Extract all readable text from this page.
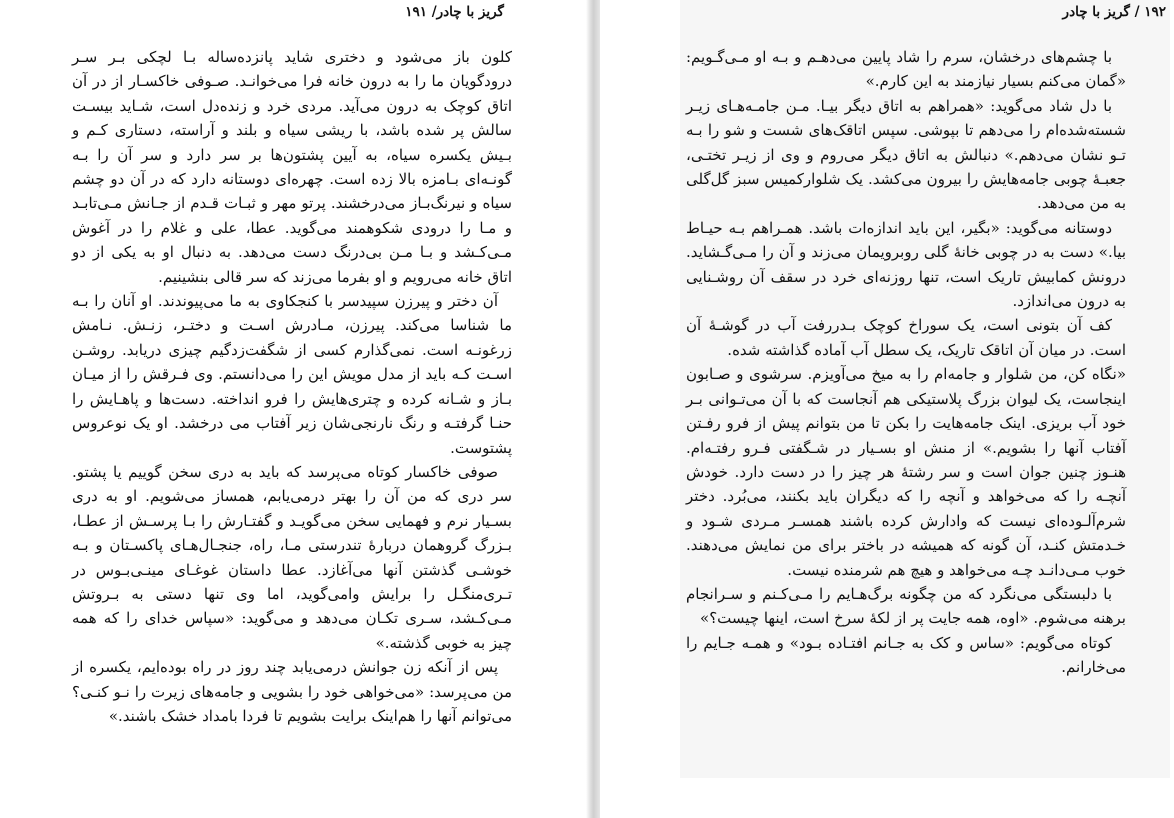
گریز با چادر/ ۱۹۱

کلون باز می‌شود و دختری شاید پانزده‌ساله بـا لچکی بـر سـر درودگویان ما را به درون خانه فرا می‌خوانـد. صـوفی خاکسـار از در آن اتاق کوچک به درون می‌آید. مردی خرد و زنده‌دل است، شـاید بیسـت سالش پر شده باشد، با ریشی سیاه و بلند و آراسته، دستاری کـم و بـیش یکسره سیاه، به آیین پشتون‌ها بر سر دارد و سر آن را بـه گونـه‌ای بـامزه بالا زده است. چهره‌ای دوستانه دارد که در آن دو چشم سیاه و نیرنگ‌بـاز می‌درخشند. پرتو مهر و ثبـات قـدم از جـانش مـی‌تابـد و مـا را درودی شکوهمند می‌گوید. عطا، علی و غلام را در آغوش مـی‌کـشد و بـا مـن بی‌درنگ دست می‌دهد. به دنبال او به یکی از دو اتاق خانه می‌رویم و او بفرما می‌زند که سر قالی بنشینیم.

آن دختر و پیرزن سپیدسر با کنجکاوی به ما می‌پیوندند. او آنان را بـه ما شناسا می‌کند. پیرزن، مـادرش اسـت و دختـر، زنـش. نـامش زرغونـه است. نمی‌گذارم کسی از شگفت‌زدگیم چیزی دریابد. روشـن اسـت کـه باید از مدل مویش این را می‌دانستم. وی فـرقش را از میـان بـاز و شـانه کرده و چتری‌هایش را فرو انداخته. دست‌ها و پاهـایش را حنـا گرفتـه و رنگ نارنجی‌شان زیر آفتاب می درخشد. او یک نوعروس پشتوست.

صوفی خاکسار کوتاه می‌پرسد که باید به دری سخن گوییم یا پشتو. سر دری که من آن را بهتر درمی‌یابم، همساز می‌شویم. او به دری بسـیار نرم و فهمایی سخن می‌گویـد و گفتـارش را بـا پرسـش از عطـا، بـزرگ گروهمان دربارهٔ تندرستی مـا، راه، جنجـال‌هـای پاکسـتان و بـه خوشـی گذشتن آنها می‌آغازد. عطا داستان غوغـای مینـی‌بـوس در تـری‌منگـل را برایش وامی‌گوید، اما وی تنها دستی به بـروتش مـی‌کـشد، سـری تکـان می‌دهد و می‌گوید: «سپاس خدای را که همه چیز به خوبی گذشته.»

پس از آنکه زن جوانش درمی‌یابد چند روز در راه بوده‌ایم، یکسره از من می‌پرسد: «می‌خواهی خود را بشویی و جامه‌های زیرت را نـو کنـی؟ می‌توانم آنها را هم‌اینک برایت بشویم تا فردا بامداد خشک باشند.»

۱۹۲ / گریز با چادر

با چشم‌های درخشان، سرم را شاد پایین می‌دهـم و بـه او مـی‌گـویم: «گمان می‌کنم بسیار نیازمند به این کارم.»

با دل شاد می‌گوید: «همراهم به اتاق دیگر بیـا. مـن جامـه‌هـای زیـر شسته‌شده‌ام را می‌دهم تا بپوشی. سپس اتاقک‌های شست و شو را بـه تـو نشان می‌دهم.» دنبالش به اتاق دیگر می‌روم و وی از زیـر تختـی، جعبـهٔ چوبی جامه‌هایش را بیرون می‌کشد. یک شلوارکمیس سبز گل‌گلی به من می‌دهد.

دوستانه می‌گوید: «بگیر، این باید اندازه‌ات باشد. همـراهم بـه حیـاط بیا.» دست به در چوبی خانهٔ گلی روبرویمان می‌زند و آن را مـی‌گـشاید. درونش کمابیش تاریک است، تنها روزنه‌ای خرد در سقف آن روشـنایی به درون می‌اندازد.

کف آن بتونی است، یک سوراخ کوچک بـدررفت آب در گوشـهٔ آن است. در میان آن اتاقک تاریک، یک سطل آب آماده گذاشته شده.

«نگاه کن، من شلوار و جامه‌ام را به میخ می‌آویزم. سرشوی و صـابون اینجاست، یک لیوان بزرگ پلاستیکی هم آنجاست که با آن می‌تـوانی بـر خود آب بریزی. اینک جامه‌هایت را بکن تا من بتوانم پیش از فرو رفـتن آفتاب آنها را بشویم.» از منش او بسـیار در شـگفتی فـرو رفتـه‌ام. هنـوز چنین جوان است و سر رشتهٔ هر چیز را در دست دارد. خودش آنچـه را که می‌خواهد و آنچه را که دیگران باید بکنند، می‌بُرد. دختر شرم‌آلـوده‌ای نیست که وادارش کرده باشند همسـر مـردی شـود و خـدمتش کنـد، آن گونه که همیشه در باختر برای من نمایش می‌دهند. خوب مـی‌دانـد چـه می‌خواهد و هیچ هم شرمنده نیست.

با دلبستگی می‌نگرد که من چگونه برگ‌هـایم را مـی‌کـنم و سـرانجام برهنه می‌شوم. «اوه، همه جایت پر از لکهٔ سرخ است، اینها چیست؟»

کوتاه می‌گویم: «ساس و کک به جـانم افتـاده بـود» و همـه جـایم را می‌خارانم.
